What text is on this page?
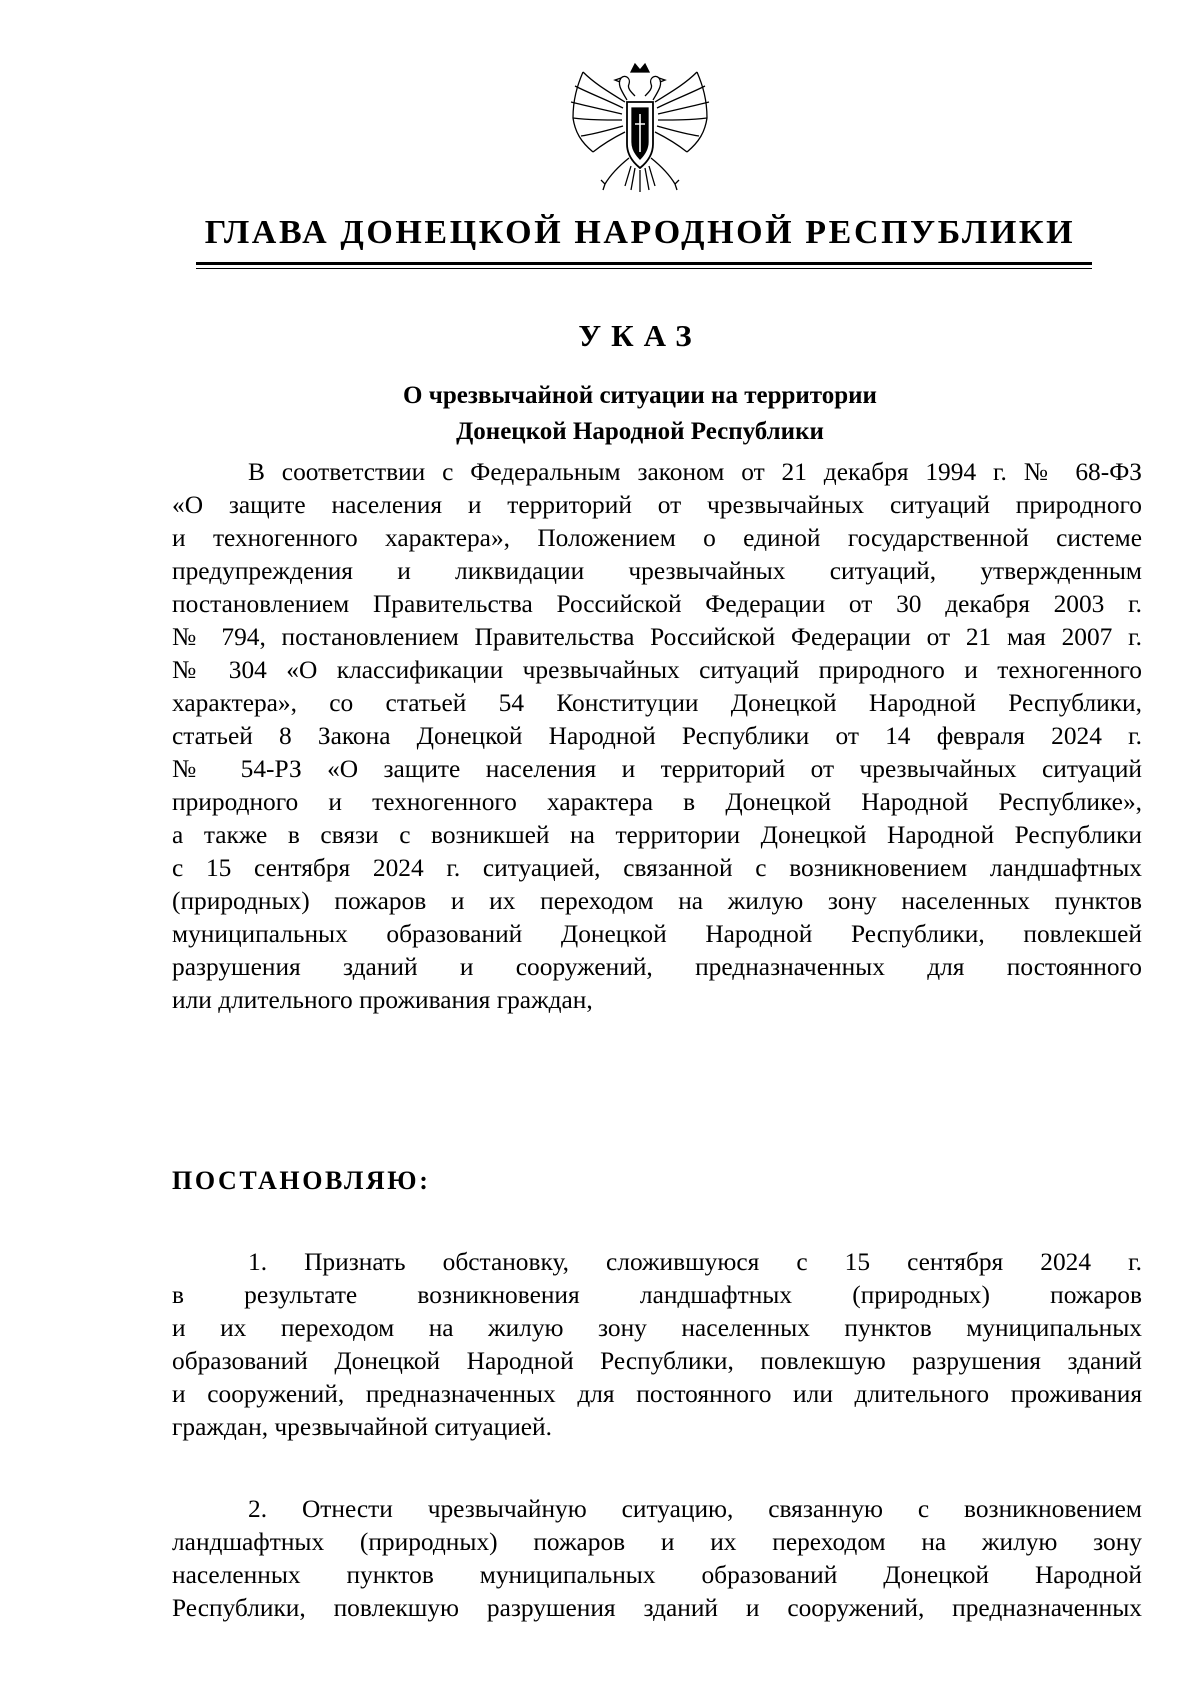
ГЛАВА ДОНЕЦКОЙ НАРОДНОЙ РЕСПУБЛИКИ
УКАЗ
О чрезвычайной ситуации на территории
Донецкой Народной Республики
В соответствии с Федеральным законом от 21 декабря 1994 г. № 68-ФЗ
«О защите населения и территорий от чрезвычайных ситуаций природного
и техногенного характера», Положением о единой государственной системе
предупреждения и ликвидации чрезвычайных ситуаций, утвержденным
постановлением Правительства Российской Федерации от 30 декабря 2003 г.
№ 794, постановлением Правительства Российской Федерации от 21 мая 2007 г.
№ 304 «О классификации чрезвычайных ситуаций природного и техногенного
характера», со статьей 54 Конституции Донецкой Народной Республики,
статьей 8 Закона Донецкой Народной Республики от 14 февраля 2024 г.
№ 54-РЗ «О защите населения и территорий от чрезвычайных ситуаций
природного и техногенного характера в Донецкой Народной Республике»,
а также в связи с возникшей на территории Донецкой Народной Республики
с 15 сентября 2024 г. ситуацией, связанной с возникновением ландшафтных
(природных) пожаров и их переходом на жилую зону населенных пунктов
муниципальных образований Донецкой Народной Республики, повлекшей
разрушения зданий и сооружений, предназначенных для постоянного
или длительного проживания граждан,
ПОСТАНОВЛЯЮ:
1. Признать обстановку, сложившуюся с 15 сентября 2024 г.
в результате возникновения ландшафтных (природных) пожаров
и их переходом на жилую зону населенных пунктов муниципальных
образований Донецкой Народной Республики, повлекшую разрушения зданий
и сооружений, предназначенных для постоянного или длительного проживания
граждан, чрезвычайной ситуацией.
2. Отнести чрезвычайную ситуацию, связанную с возникновением
ландшафтных (природных) пожаров и их переходом на жилую зону
населенных пунктов муниципальных образований Донецкой Народной
Республики, повлекшую разрушения зданий и сооружений, предназначенных
